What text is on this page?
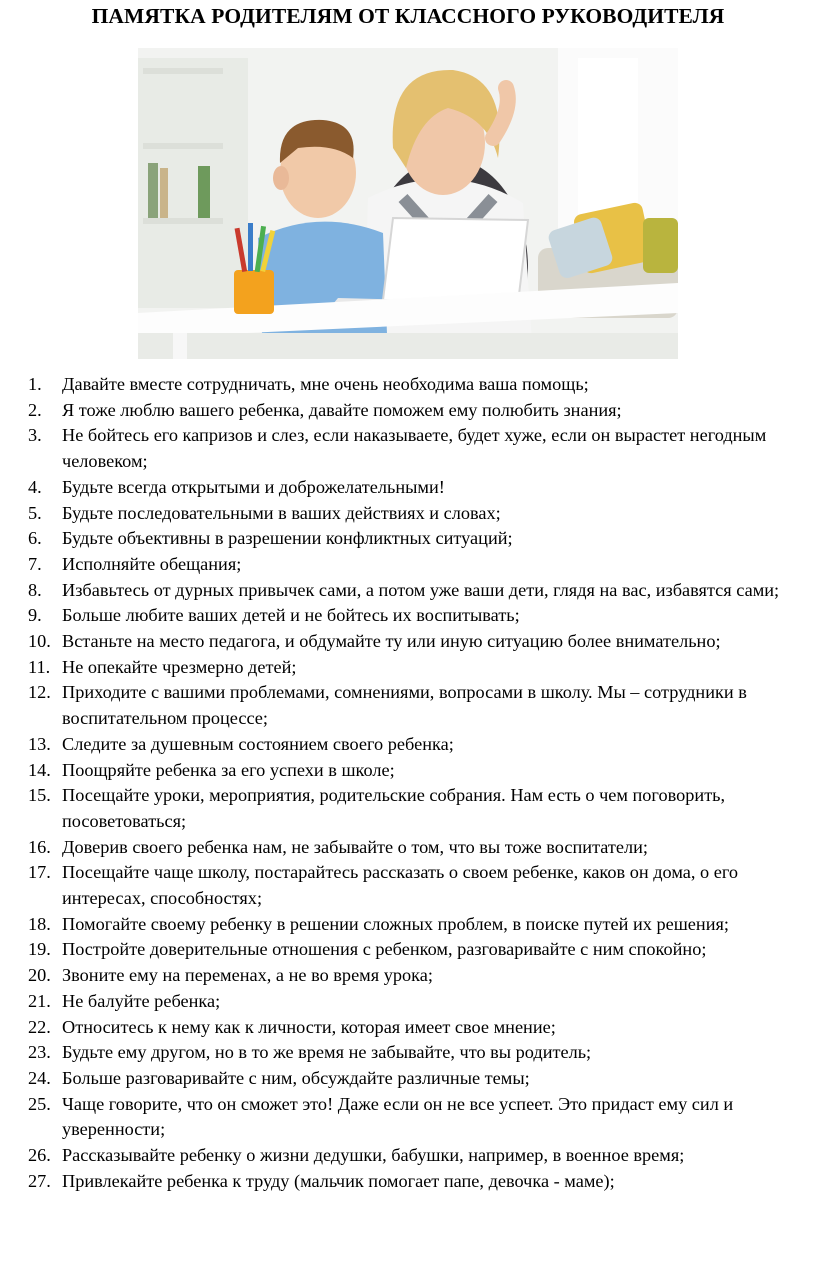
ПАМЯТКА РОДИТЕЛЯМ ОТ КЛАССНОГО РУКОВОДИТЕЛЯ
1. Давайте вместе сотрудничать, мне очень необходима ваша помощь;
2. Я тоже люблю вашего ребенка, давайте поможем ему полюбить знания;
3. Не бойтесь его капризов и слез, если наказываете, будет хуже, если он вырастет негодным человеком;
4. Будьте всегда открытыми и доброжелательными!
5. Будьте последовательными в ваших действиях и словах;
6. Будьте объективны в разрешении конфликтных ситуаций;
7. Исполняйте обещания;
8. Избавьтесь от дурных привычек сами, а потом уже ваши дети, глядя на вас, избавятся сами;
9. Больше любите ваших детей и не бойтесь их воспитывать;
10. Встаньте на место педагога, и обдумайте ту или иную ситуацию более внимательно;
11. Не опекайте чрезмерно детей;
12. Приходите с вашими проблемами, сомнениями, вопросами в школу. Мы – сотрудники в воспитательном процессе;
13. Следите за душевным состоянием своего ребенка;
14. Поощряйте ребенка за его успехи в школе;
15. Посещайте уроки, мероприятия, родительские собрания. Нам есть о чем поговорить, посоветоваться;
16. Доверив своего ребенка нам, не забывайте о том, что вы тоже воспитатели;
17. Посещайте чаще школу, постарайтесь рассказать о своем ребенке, каков он дома, о его интересах, способностях;
18. Помогайте своему ребенку в решении сложных проблем, в поиске путей их решения;
19. Постройте доверительные отношения с ребенком, разговаривайте с ним спокойно;
20. Звоните ему на переменах, а не во время урока;
21. Не балуйте ребенка;
22. Относитесь к нему как к личности, которая имеет свое мнение;
23. Будьте ему другом, но в то же время не забывайте, что вы родитель;
24. Больше разговаривайте с ним, обсуждайте различные темы;
25. Чаще говорите, что он сможет это! Даже если он не все успеет. Это придаст ему сил и уверенности;
26. Рассказывайте ребенку о жизни дедушки, бабушки, например, в военное время;
27. Привлекайте ребенка к труду (мальчик помогает папе, девочка - маме);
